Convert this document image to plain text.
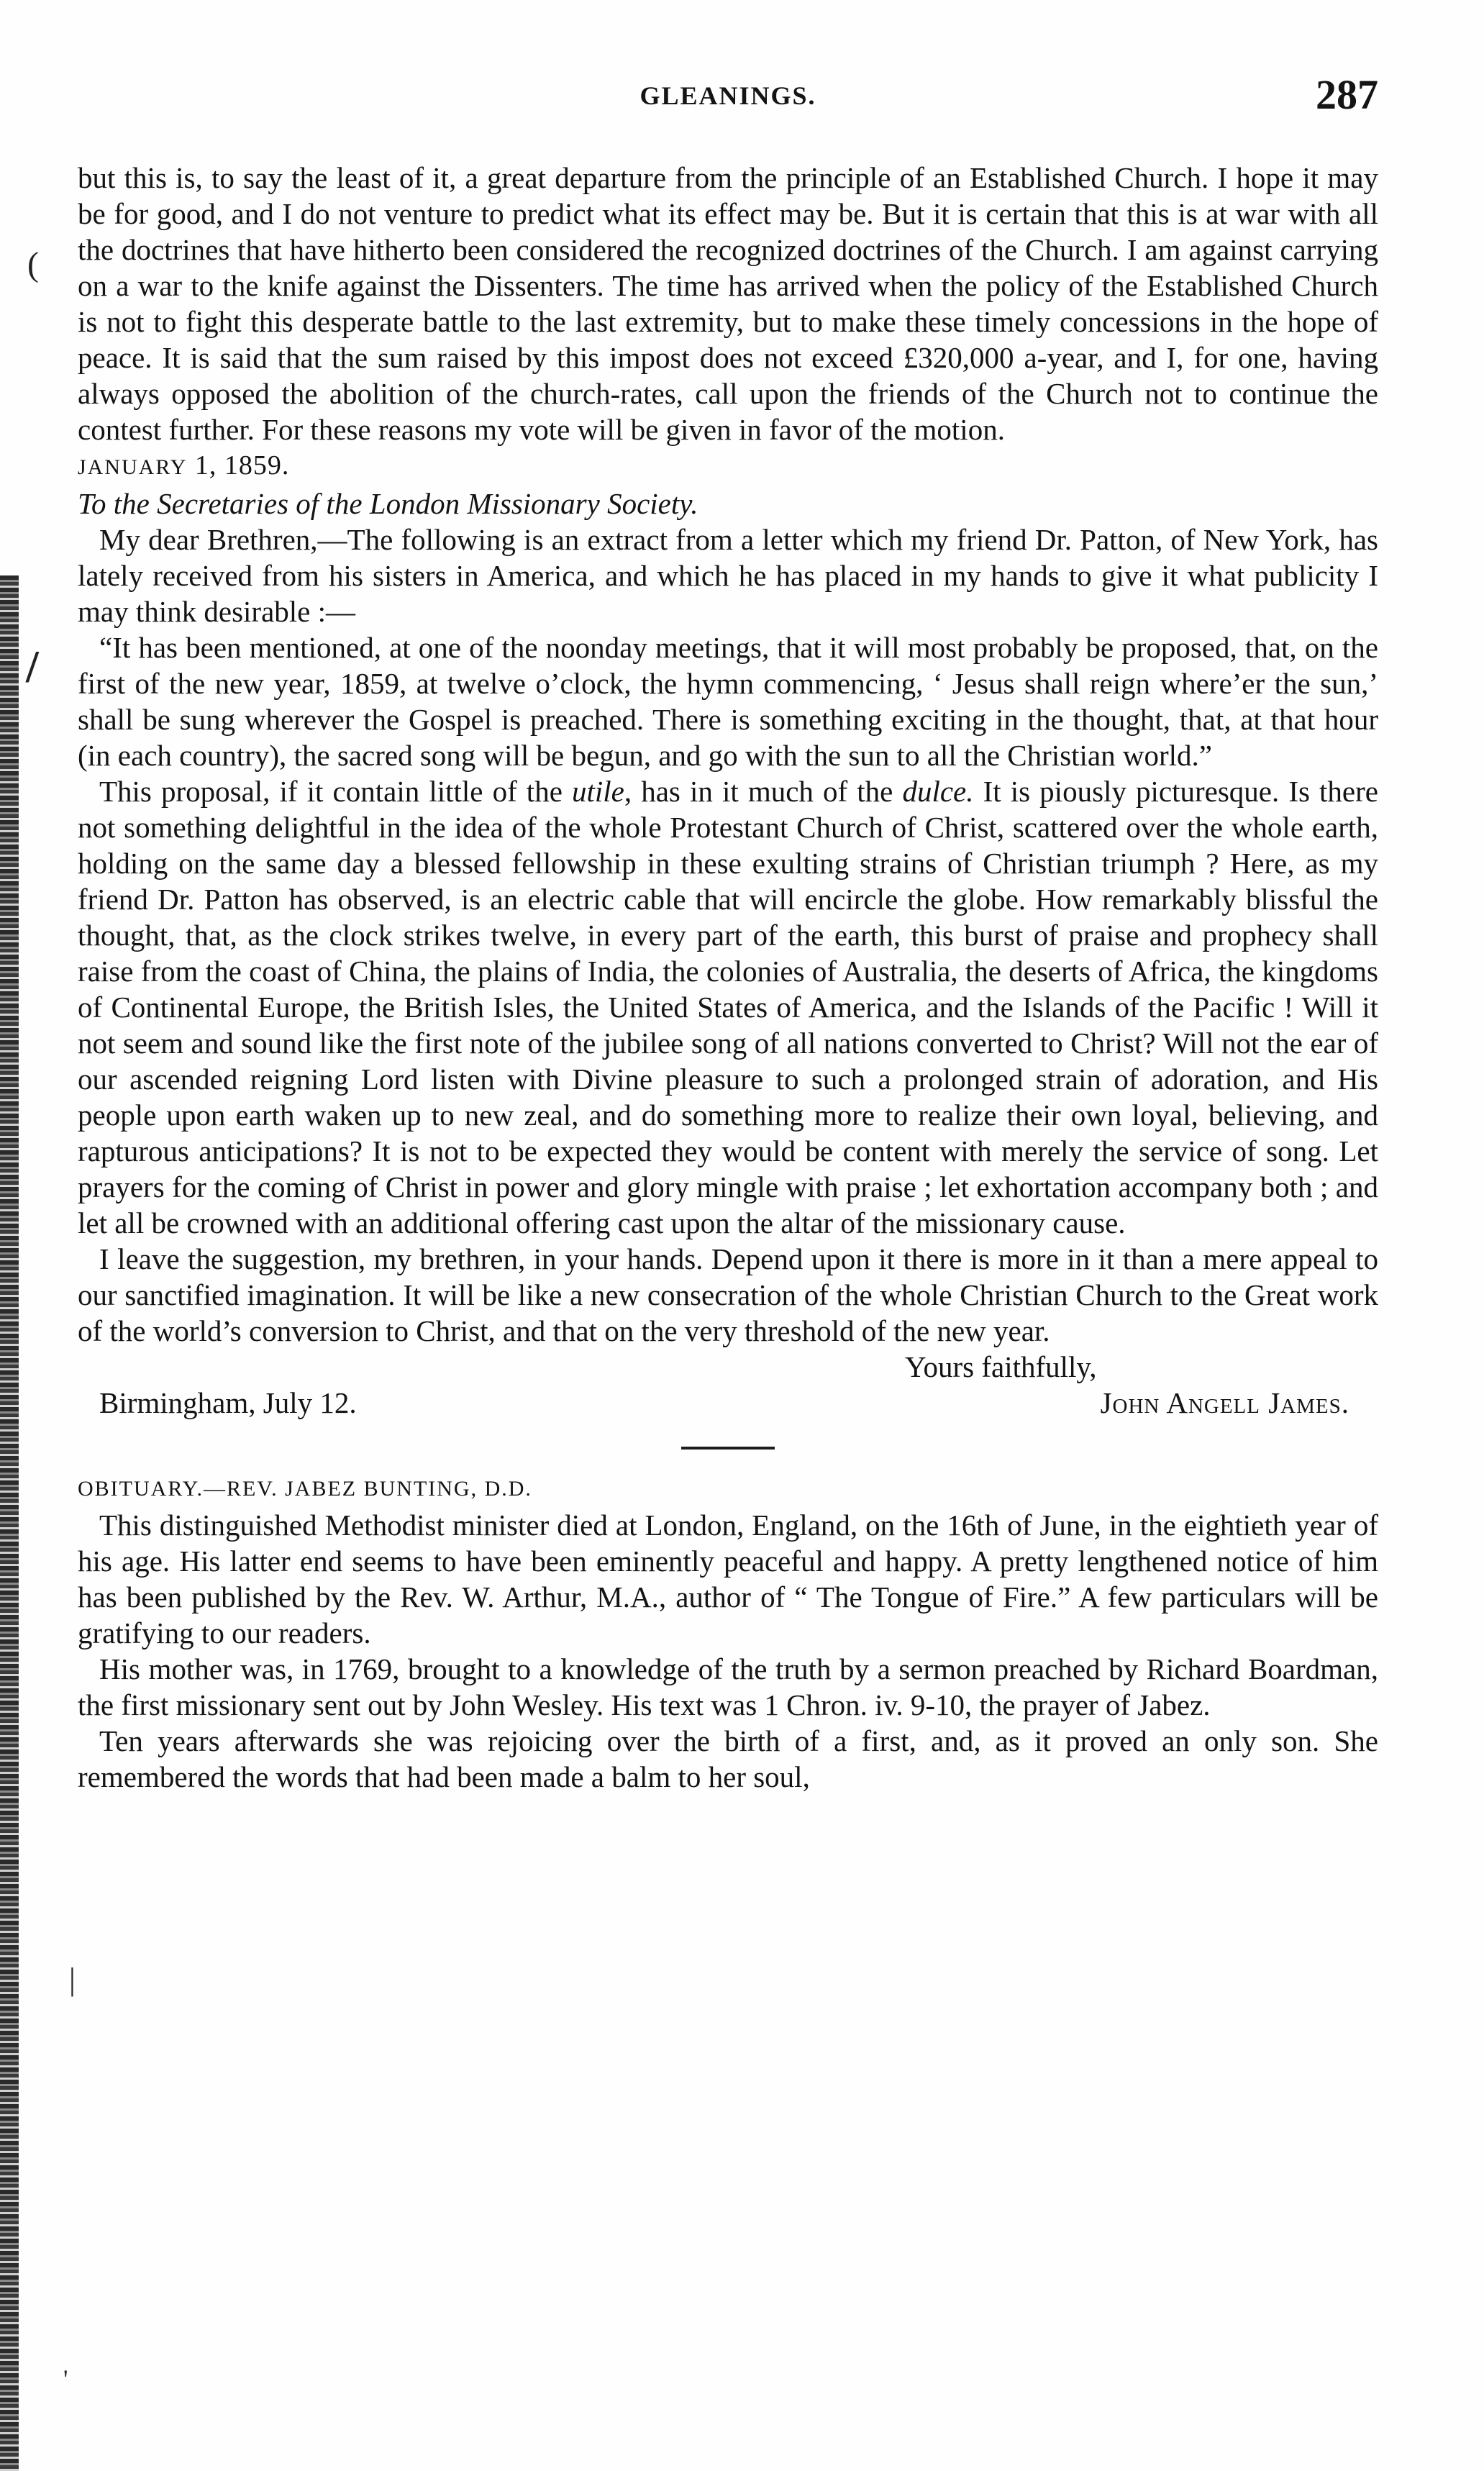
(
/
|
'
GLEANINGS.	287

but this is, to say the least of it, a great departure from the principle of an Established Church. I hope it may be for good, and I do not venture to predict what its effect may be. But it is certain that this is at war with all the doctrines that have hitherto been considered the recognized doctrines of the Church. I am against carrying on a war to the knife against the Dissenters. The time has arrived when the policy of the Established Church is not to fight this desperate battle to the last extremity, but to make these timely concessions in the hope of peace. It is said that the sum raised by this impost does not exceed £320,000 a-year, and I, for one, having always opposed the abolition of the church-rates, call upon the friends of the Church not to continue the contest further. For these reasons my vote will be given in favor of the motion.

JANUARY 1, 1859.

To the Secretaries of the London Missionary Society.

My dear Brethren,—The following is an extract from a letter which my friend Dr. Patton, of New York, has lately received from his sisters in America, and which he has placed in my hands to give it what publicity I may think desirable :—

“It has been mentioned, at one of the noonday meetings, that it will most probably be proposed, that, on the first of the new year, 1859, at twelve o’clock, the hymn commencing, ‘ Jesus shall reign where’er the sun,’ shall be sung wherever the Gospel is preached. There is something exciting in the thought, that, at that hour (in each country), the sacred song will be begun, and go with the sun to all the Christian world.”

This proposal, if it contain little of the utile, has in it much of the dulce. It is piously picturesque. Is there not something delightful in the idea of the whole Protestant Church of Christ, scattered over the whole earth, holding on the same day a blessed fellowship in these exulting strains of Christian triumph ? Here, as my friend Dr. Patton has observed, is an electric cable that will encircle the globe. How remarkably blissful the thought, that, as the clock strikes twelve, in every part of the earth, this burst of praise and prophecy shall raise from the coast of China, the plains of India, the colonies of Australia, the deserts of Africa, the kingdoms of Continental Europe, the British Isles, the United States of America, and the Islands of the Pacific ! Will it not seem and sound like the first note of the jubilee song of all nations converted to Christ? Will not the ear of our ascended reigning Lord listen with Divine pleasure to such a prolonged strain of adoration, and His people upon earth waken up to new zeal, and do something more to realize their own loyal, believing, and rapturous anticipations? It is not to be expected they would be content with merely the service of song. Let prayers for the coming of Christ in power and glory mingle with praise ; let exhortation accompany both ; and let all be crowned with an additional offering cast upon the altar of the missionary cause.

I leave the suggestion, my brethren, in your hands. Depend upon it there is more in it than a mere appeal to our sanctified imagination. It will be like a new consecration of the whole Christian Church to the Great work of the world’s conversion to Christ, and that on the very threshold of the new year.

Yours faithfully,

Birmingham, July 12.	John Angell James.

OBITUARY.—REV. JABEZ BUNTING, D.D.

This distinguished Methodist minister died at London, England, on the 16th of June, in the eightieth year of his age. His latter end seems to have been eminently peaceful and happy. A pretty lengthened notice of him has been published by the Rev. W. Arthur, M.A., author of “ The Tongue of Fire.” A few particulars will be gratifying to our readers.

His mother was, in 1769, brought to a knowledge of the truth by a sermon preached by Richard Boardman, the first missionary sent out by John Wesley. His text was 1 Chron. iv. 9-10, the prayer of Jabez.

Ten years afterwards she was rejoicing over the birth of a first, and, as it proved an only son. She remembered the words that had been made a balm to her soul,
